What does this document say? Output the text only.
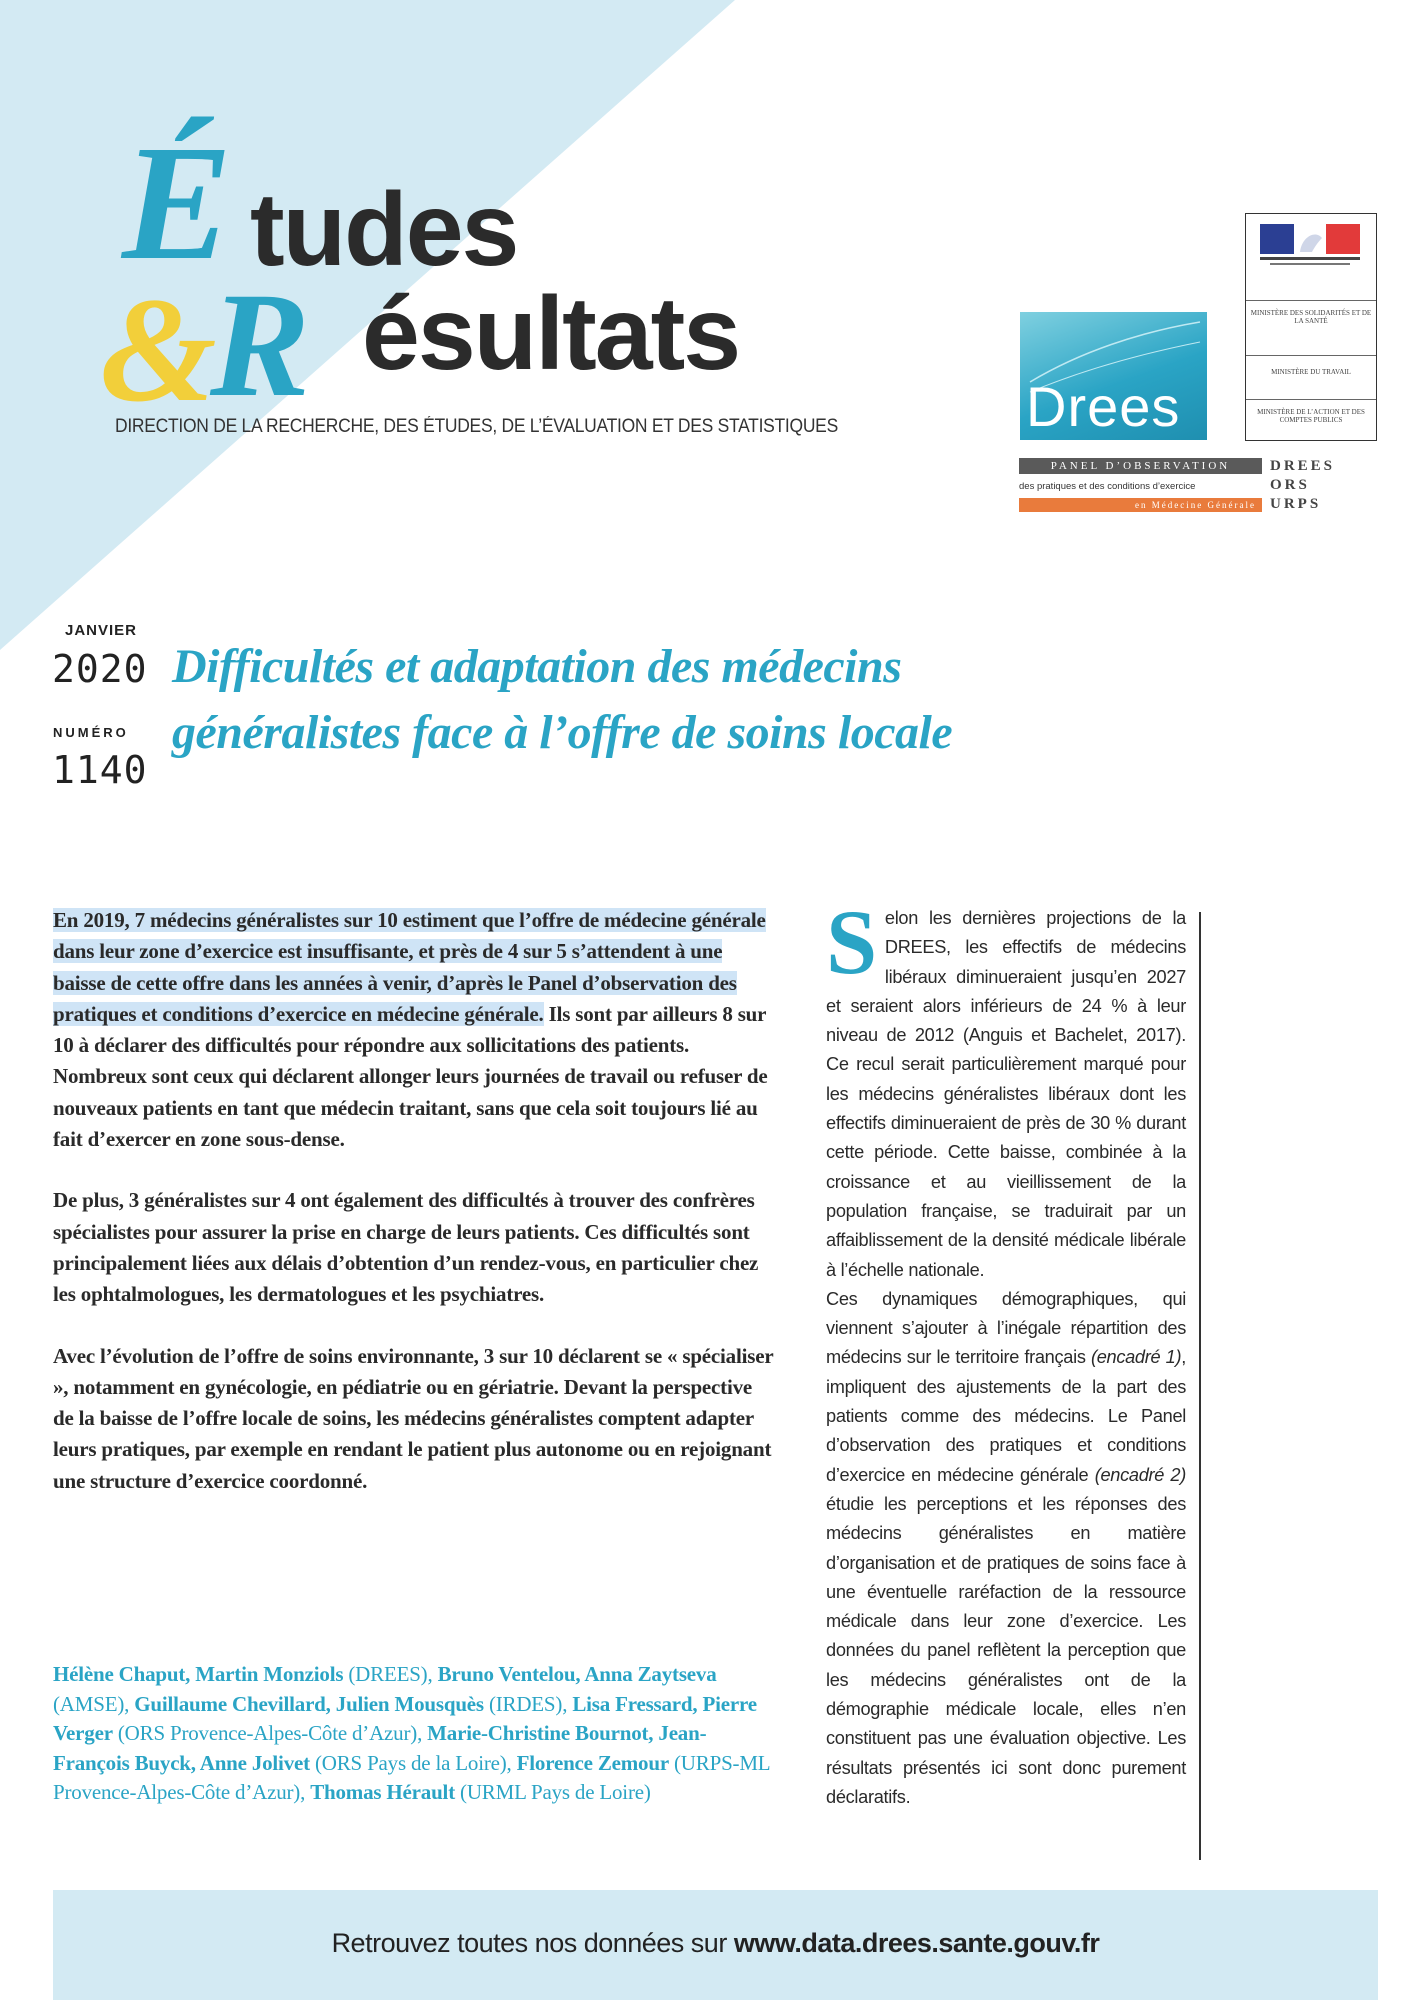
É tudes
&
R ésultats
DIRECTION DE LA RECHERCHE, DES ÉTUDES, DE L’ÉVALUATION ET DES STATISTIQUES	Drees
MINISTÈRE DES SOLIDARITÉS ET DE LA SANTÉ
MINISTÈRE DU TRAVAIL
MINISTÈRE DE L’ACTION ET DES COMPTES PUBLICS
PANEL D’OBSERVATION
des pratiques et des conditions d’exercice
en Médecine Générale
DREES
ORS
URPS
JANVIER
2020
NUMÉRO
1140
Difficultés et adaptation des médecins
généralistes face à l’offre de soins locale

En 2019, 7 médecins généralistes sur 10 estiment que l’offre de médecine générale dans leur zone d’exercice est insuffisante, et près de 4 sur 5 s’attendent à une baisse de cette offre dans les années à venir, d’après le Panel d’observation des pratiques et conditions d’exercice en médecine générale. Ils sont par ailleurs 8 sur 10 à déclarer des difficultés pour répondre aux sollicitations des patients. Nombreux sont ceux qui déclarent allonger leurs journées de travail ou refuser de nouveaux patients en tant que médecin traitant, sans que cela soit toujours lié au fait d’exercer en zone sous-dense.

De plus, 3 généralistes sur 4 ont également des difficultés à trouver des confrères spécialistes pour assurer la prise en charge de leurs patients. Ces difficultés sont principalement liées aux délais d’obtention d’un rendez-vous, en particulier chez les ophtalmologues, les dermatologues et les psychiatres.

Avec l’évolution de l’offre de soins environnante, 3 sur 10 déclarent se « spécialiser », notamment en gynécologie, en pédiatrie ou en gériatrie. Devant la perspective de la baisse de l’offre locale de soins, les médecins généralistes comptent adapter leurs pratiques, par exemple en rendant le patient plus autonome ou en rejoignant une structure d’exercice coordonné.

Hélène Chaput, Martin Monziols (DREES), Bruno Ventelou, Anna Zaytseva (AMSE), Guillaume Chevillard, Julien Mousquès (IRDES), Lisa Fressard, Pierre Verger (ORS Provence-Alpes-Côte d’Azur), Marie-Christine Bournot, Jean-François Buyck, Anne Jolivet (ORS Pays de la Loire), Florence Zemour (URPS-ML Provence-Alpes-Côte d’Azur), Thomas Hérault (URML Pays de Loire)

Selon les dernières projections de la DREES, les effectifs de médecins libéraux diminueraient jusqu’en 2027 et seraient alors inférieurs de 24 % à leur niveau de 2012 (Anguis et Bachelet, 2017). Ce recul serait particulièrement marqué pour les médecins généralistes libéraux dont les effectifs diminueraient de près de 30 % durant cette période. Cette baisse, combinée à la croissance et au vieillissement de la population française, se traduirait par un affaiblissement de la densité médicale libérale à l’échelle nationale.

Ces dynamiques démographiques, qui viennent s’ajouter à l’inégale répartition des médecins sur le territoire français (encadré 1), impliquent des ajustements de la part des patients comme des médecins. Le Panel d’observation des pratiques et conditions d’exercice en médecine générale (encadré 2) étudie les perceptions et les réponses des médecins généralistes en matière d’organisation et de pratiques de soins face à une éventuelle raréfaction de la ressource médicale dans leur zone d’exercice. Les données du panel reflètent la perception que les médecins généralistes ont de la démographie médicale locale, elles n’en constituent pas une évaluation objective. Les résultats présentés ici sont donc purement déclaratifs.

Retrouvez toutes nos données sur www.data.drees.sante.gouv.fr
